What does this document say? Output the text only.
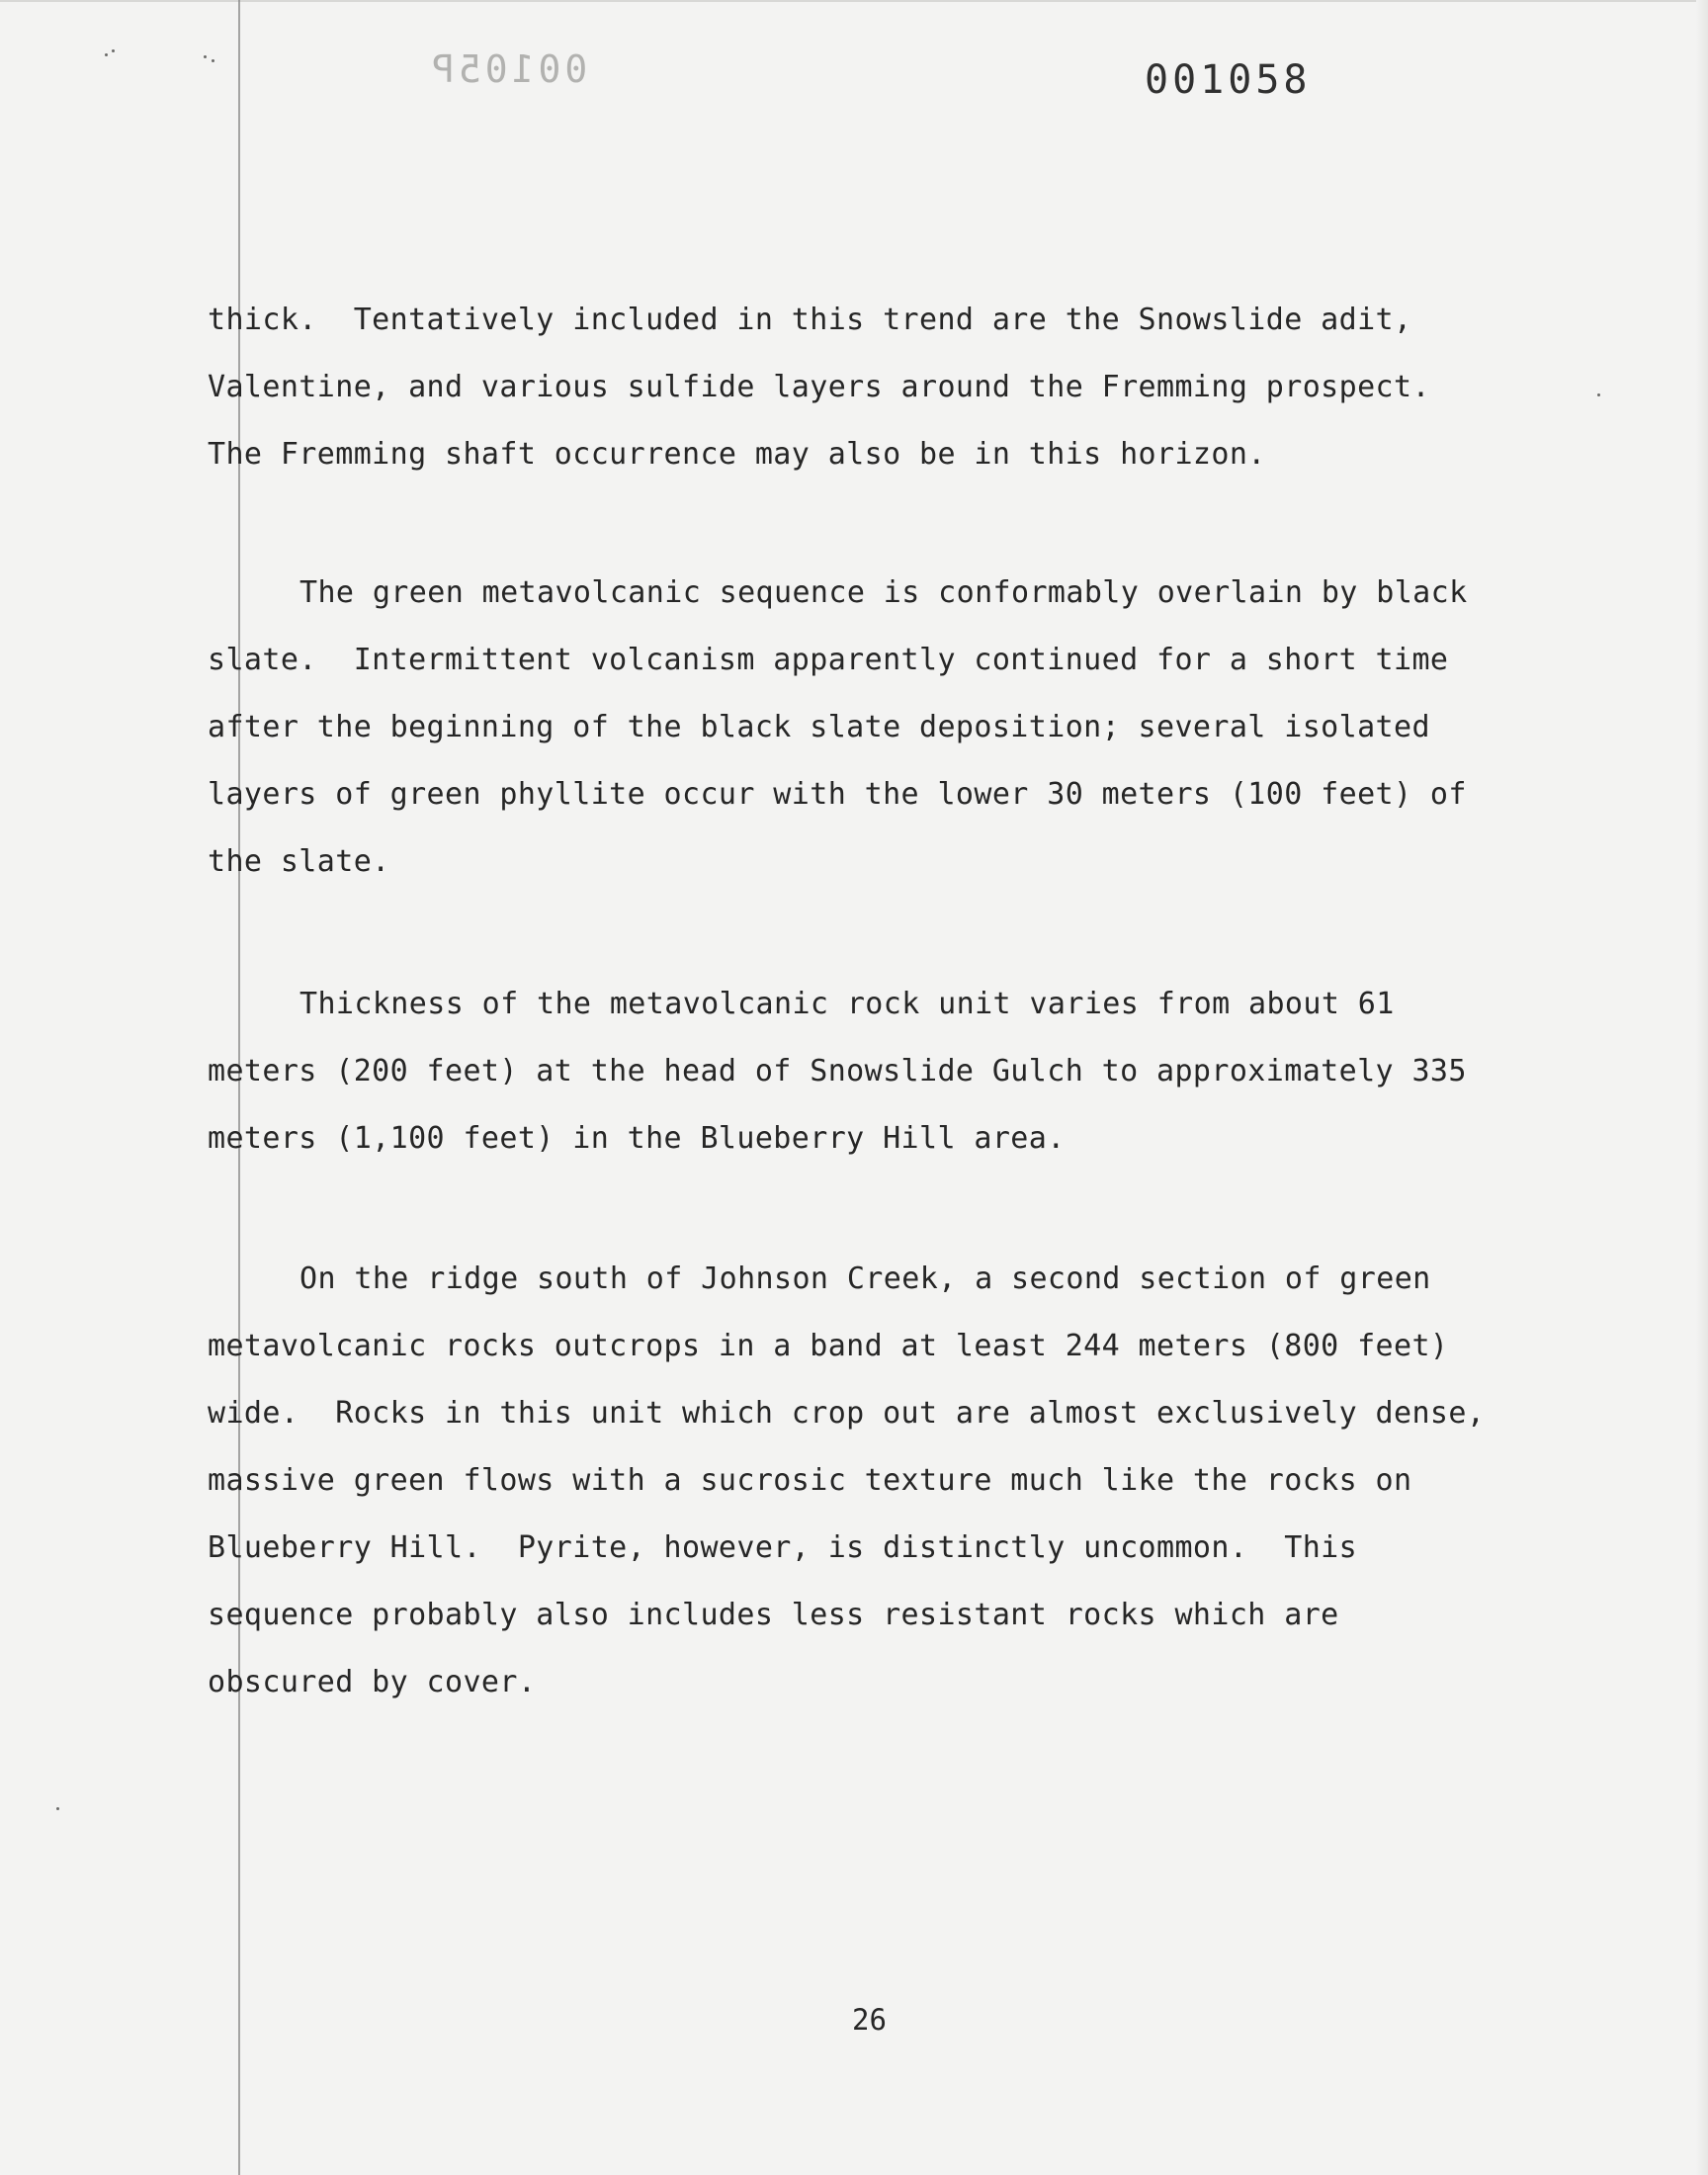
00105P	001058
thick.  Tentatively included in this trend are the Snowslide adit,
Valentine, and various sulfide layers around the Fremming prospect.
The Fremming shaft occurrence may also be in this horizon.
The green metavolcanic sequence is conformably overlain by black
slate.  Intermittent volcanism apparently continued for a short time
after the beginning of the black slate deposition; several isolated
layers of green phyllite occur with the lower 30 meters (100 feet) of
the slate.
Thickness of the metavolcanic rock unit varies from about 61
meters (200 feet) at the head of Snowslide Gulch to approximately 335
meters (1,100 feet) in the Blueberry Hill area.
On the ridge south of Johnson Creek, a second section of green
metavolcanic rocks outcrops in a band at least 244 meters (800 feet)
wide.  Rocks in this unit which crop out are almost exclusively dense,
massive green flows with a sucrosic texture much like the rocks on
Blueberry Hill.  Pyrite, however, is distinctly uncommon.  This
sequence probably also includes less resistant rocks which are
obscured by cover.
26
